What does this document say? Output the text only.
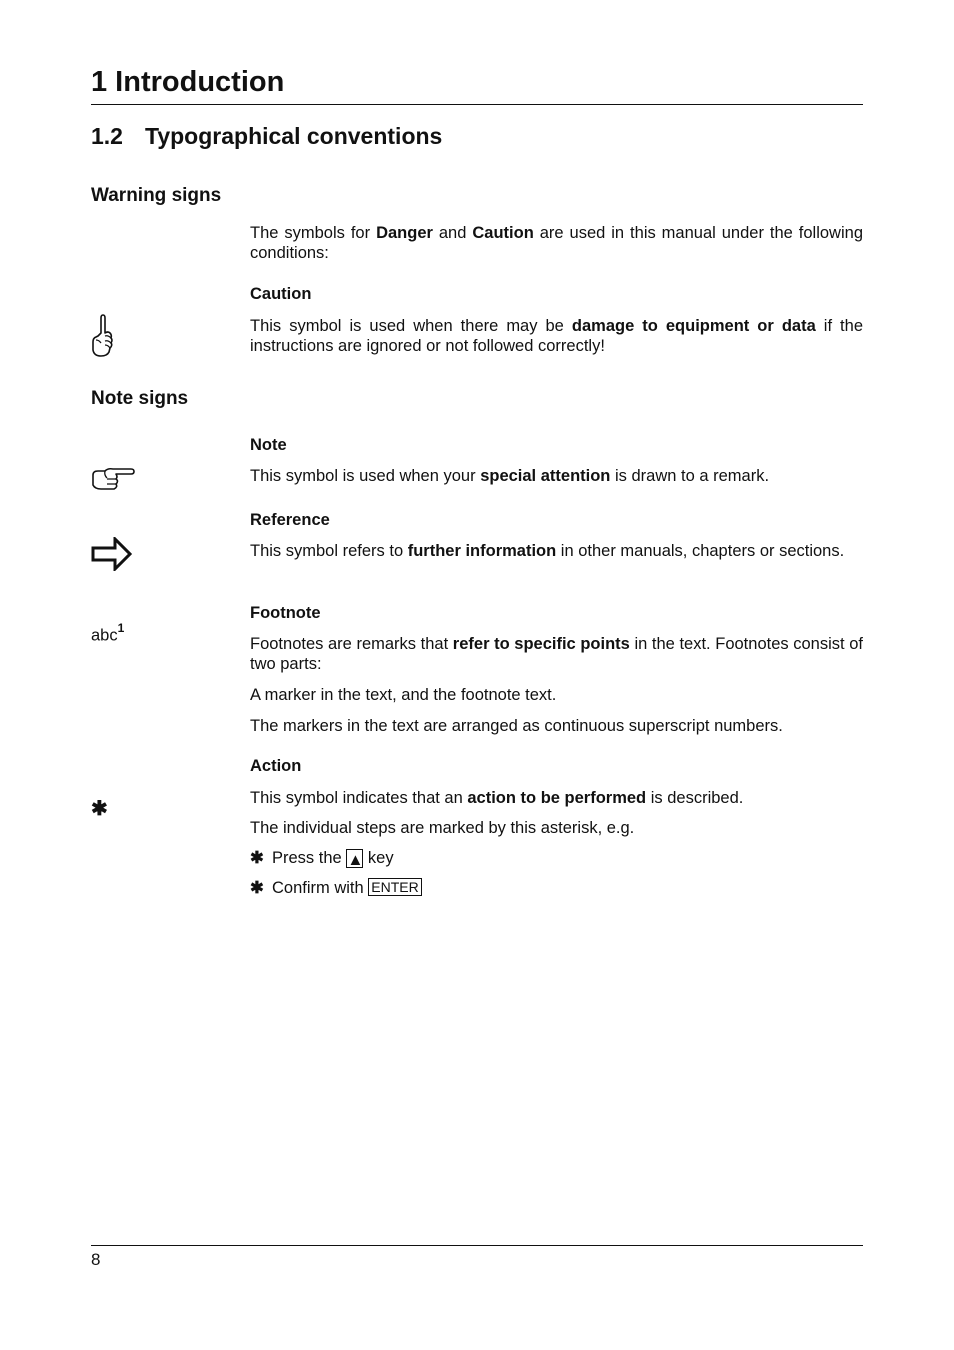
1 Introduction
1.2 Typographical conventions
Warning signs

The symbols for Danger and Caution are used in this manual under the following conditions:

Caution

This symbol is used when there may be damage to equipment or data if the instructions are ignored or not followed correctly!

Note signs

Note

This symbol is used when your special attention is drawn to a remark.

Reference

This symbol refers to further information in other manuals, chapters or sections.

Footnote

abc$^1$

Footnotes are remarks that refer to specific points in the text. Footnotes consist of two parts:

A marker in the text, and the footnote text.

The markers in the text are arranged as continuous superscript numbers.

Action

✱	This symbol indicates that an action to be performed is described.

The individual steps are marked by this asterisk, e.g.

✱ Press the ▲ key
✱ Confirm with ENTER
8
